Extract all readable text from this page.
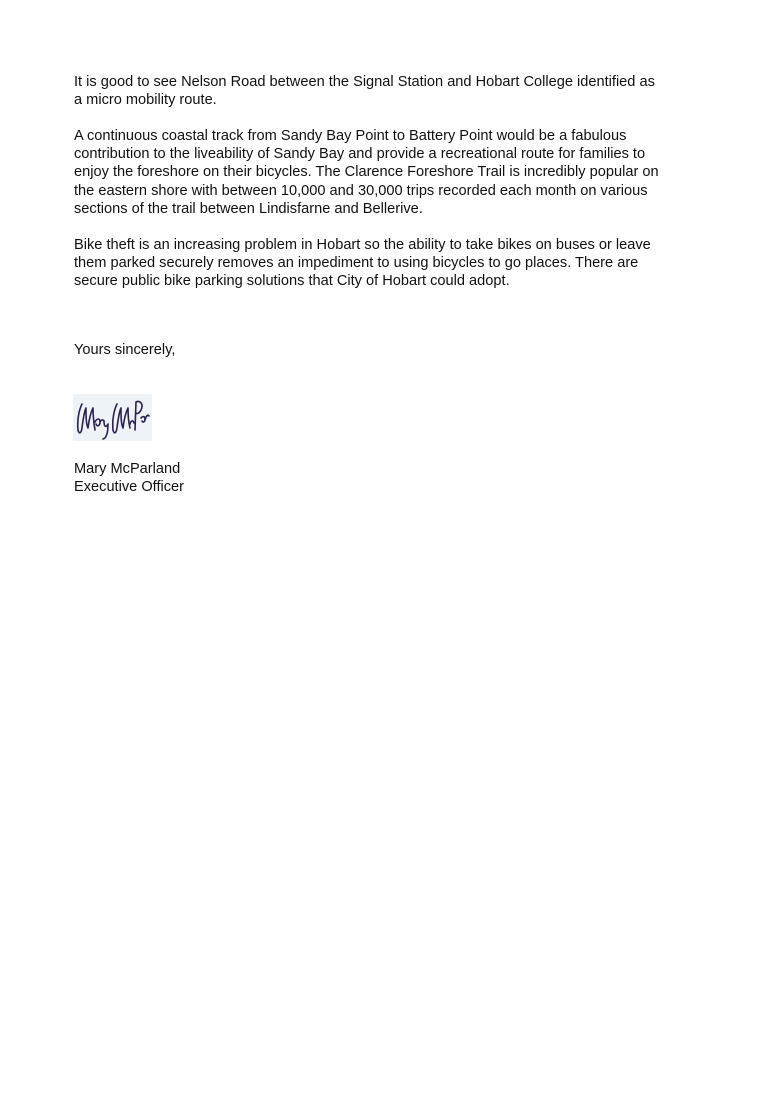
It is good to see Nelson Road between the Signal Station and Hobart College identified as
a micro mobility route.

A continuous coastal track from Sandy Bay Point to Battery Point would be a fabulous
contribution to the liveability of Sandy Bay and provide a recreational route for families to
enjoy the foreshore on their bicycles. The Clarence Foreshore Trail is incredibly popular on
the eastern shore with between 10,000 and 30,000 trips recorded each month on various
sections of the trail between Lindisfarne and Bellerive.

Bike theft is an increasing problem in Hobart so the ability to take bikes on buses or leave
them parked securely removes an impediment to using bicycles to go places. There are
secure public bike parking solutions that City of Hobart could adopt.

Yours sincerely,

Mary McParland
Executive Officer
